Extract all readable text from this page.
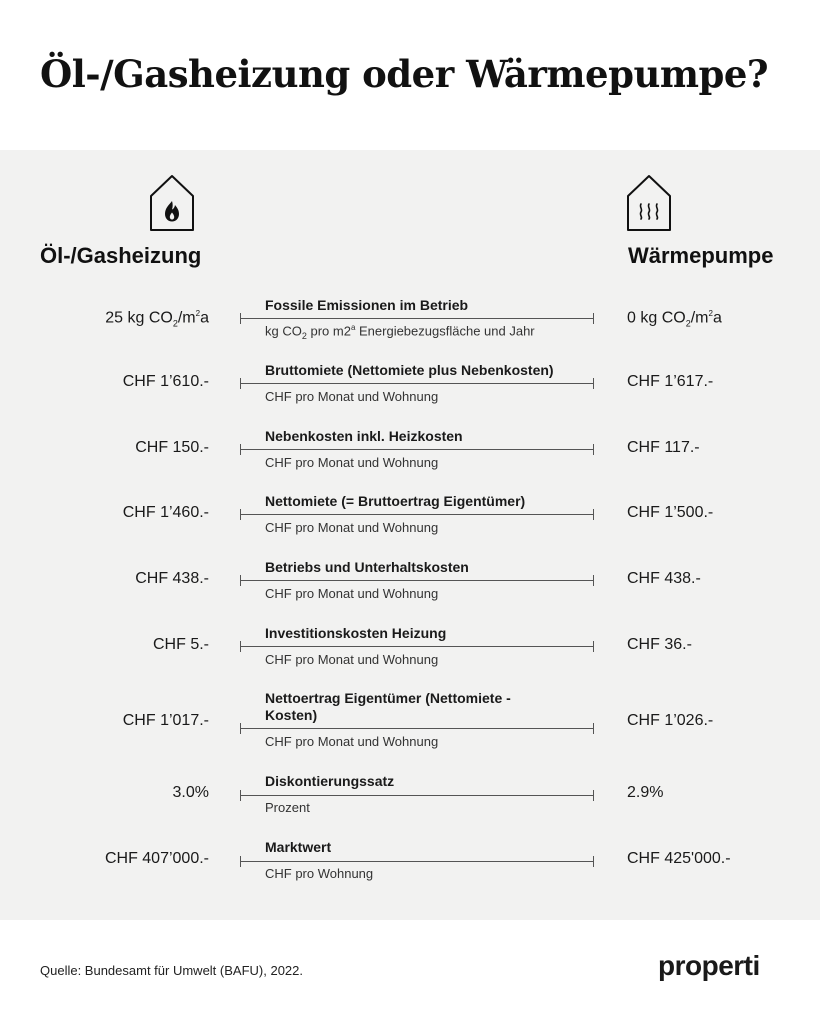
Öl-/Gasheizung oder Wärmepumpe?
Öl-/Gasheizung	Wärmepumpe
25 kg $CO_2/m^2a$
Fossile Emissionen im Betrieb
kg $CO_2$ pro m2$^a$ Energiebezugsfläche und Jahr
0 kg $CO_2/m^2a$
CHF 1’610.-
Bruttomiete (Nettomiete plus Nebenkosten)
CHF pro Monat und Wohnung
CHF 1’617.-
CHF 150.-
Nebenkosten inkl. Heizkosten
CHF pro Monat und Wohnung
CHF 117.-
CHF 1’460.-
Nettomiete (= Bruttoertrag Eigentümer)
CHF pro Monat und Wohnung
CHF 1’500.-
CHF 438.-
Betriebs und Unterhaltskosten
CHF pro Monat und Wohnung
CHF 438.-
CHF 5.-
Investitionskosten Heizung
CHF pro Monat und Wohnung
CHF 36.-
CHF 1’017.-
Nettoertrag Eigentümer (Nettomiete - Kosten)
CHF pro Monat und Wohnung
CHF 1’026.-
3.0%
Diskontierungssatz
Prozent
2.9%
CHF 407’000.-
Marktwert
CHF pro Wohnung
CHF 425'000.-
Quelle: Bundesamt für Umwelt (BAFU), 2022.	properti
